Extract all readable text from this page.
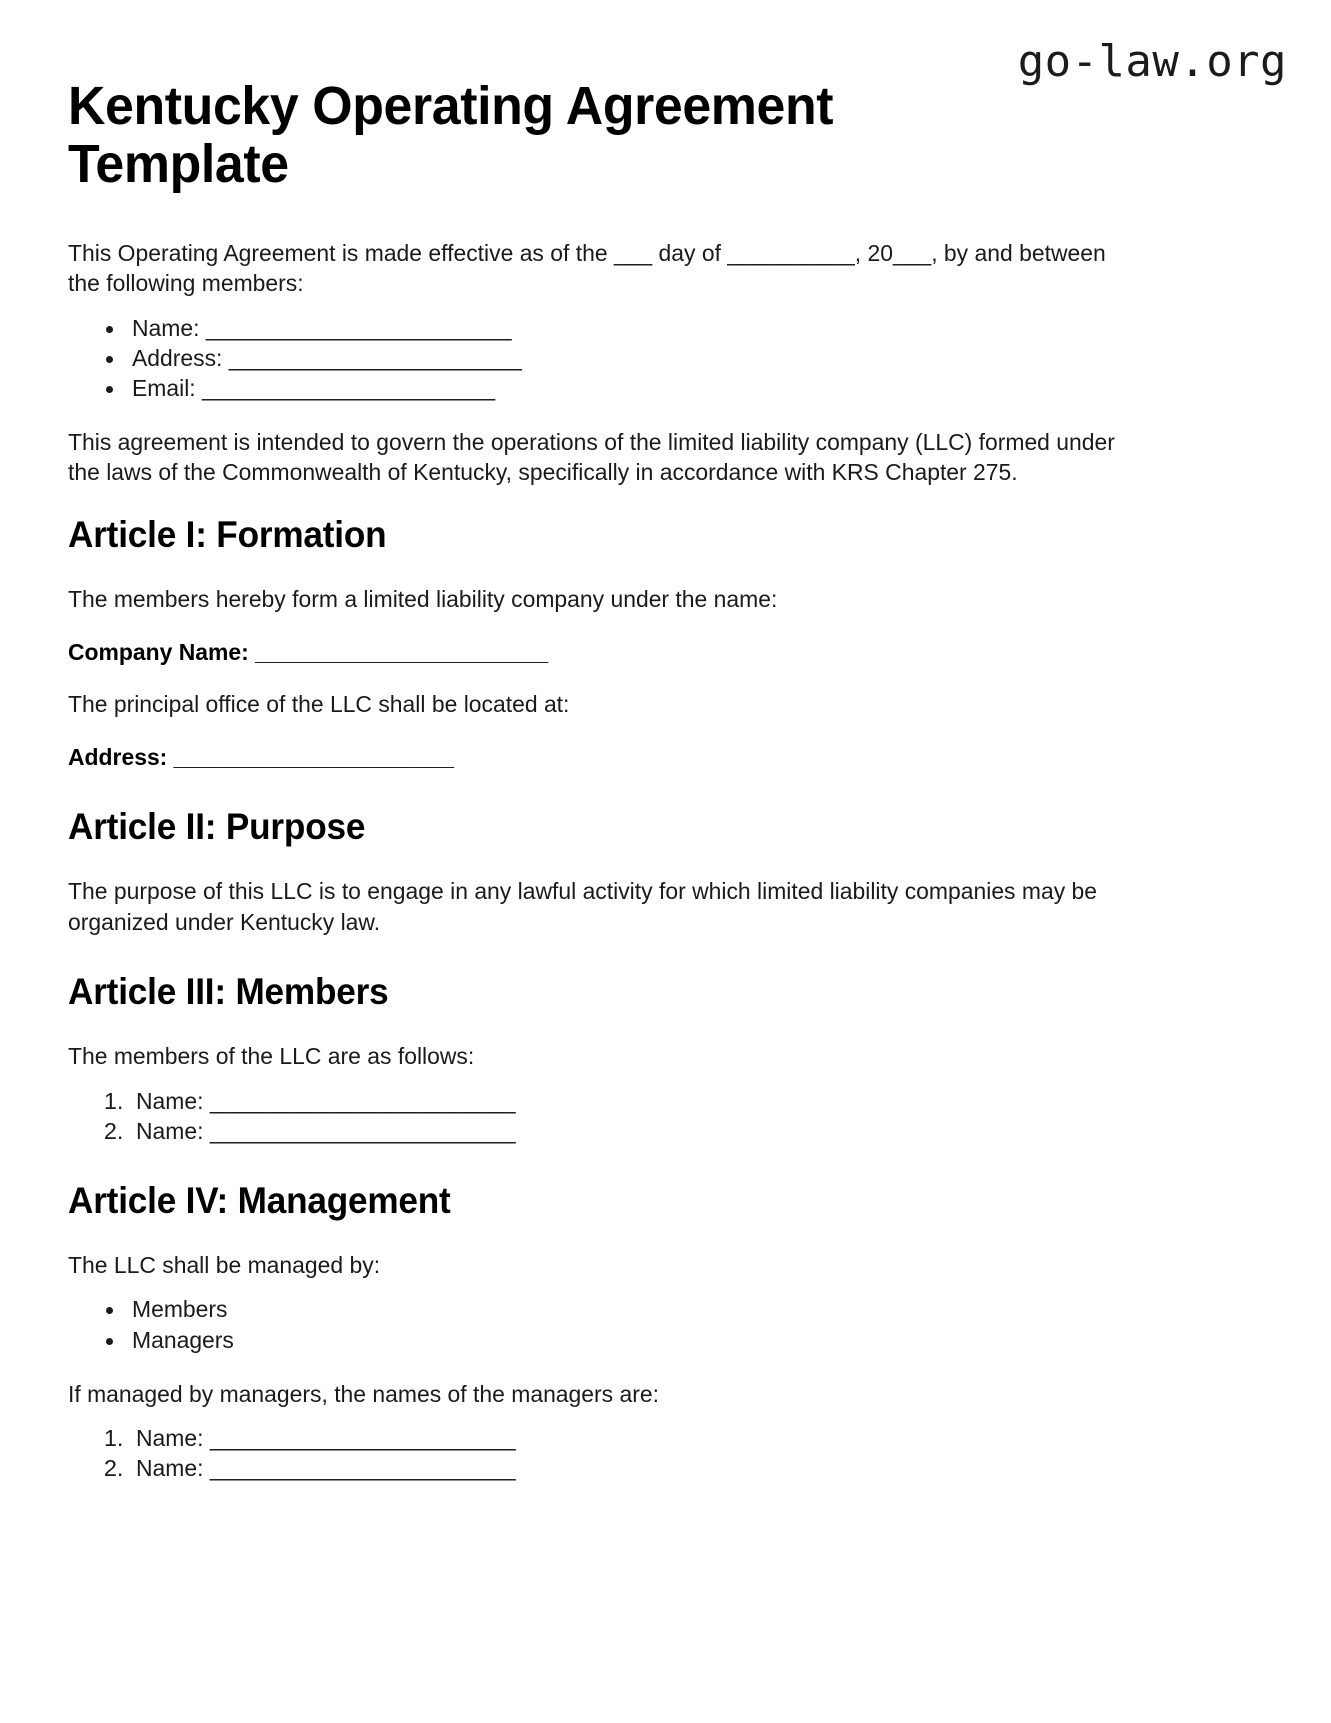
go-law.org
Kentucky Operating Agreement Template

This Operating Agreement is made effective as of the ___ day of __________, 20___, by and between the following members:

• Name: ________________________
• Address: _______________________
• Email: _______________________

This agreement is intended to govern the operations of the limited liability company (LLC) formed under the laws of the Commonwealth of Kentucky, specifically in accordance with KRS Chapter 275.

Article I: Formation

The members hereby form a limited liability company under the name:

Company Name: _______________________

The principal office of the LLC shall be located at:

Address: ______________________

Article II: Purpose

The purpose of this LLC is to engage in any lawful activity for which limited liability companies may be organized under Kentucky law.

Article III: Members

The members of the LLC are as follows:

1. Name: ________________________
2. Name: ________________________
Article IV: Management

The LLC shall be managed by:

• Members
• Managers

If managed by managers, the names of the managers are:

1. Name: ________________________
2. Name: ________________________
